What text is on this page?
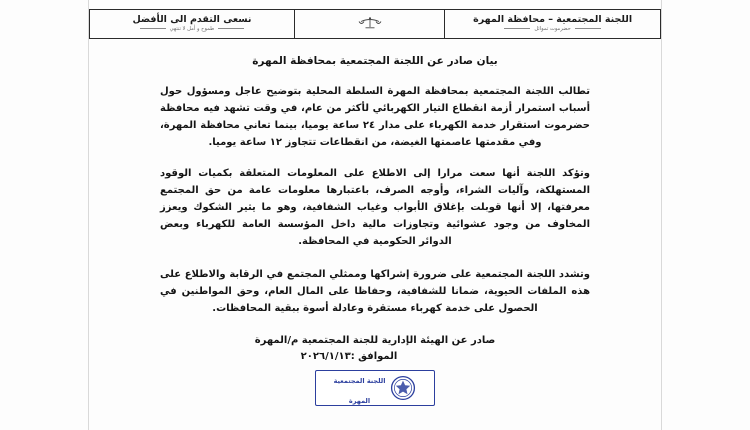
اللجنة المجتمعية – محافظة المهرة
حضرموت تموائل

نسعى التقدم الى الأفضل
طموح و أمل لا تنتهي
بيان صادر عن اللجنة المجتمعية بمحافظة المهرة
تطالب اللجنة المجتمعية بمحافظة المهرة السلطة المحلية بتوضيح عاجل ومسؤول حول أسباب استمرار أزمة انقطاع التيار الكهربائي لأكثر من عام، في وقت تشهد فيه محافظة حضرموت استقرار خدمة الكهرباء على مدار ٢٤ ساعة يوميا، بينما تعاني محافظة المهرة، وفي مقدمتها عاصمتها الغيضة، من انقطاعات تتجاوز ١٢ ساعة يوميا.
وتؤكد اللجنة أنها سعت مرارا إلى الاطلاع على المعلومات المتعلقة بكميات الوقود المستهلكة، وآليات الشراء، وأوجه الصرف، باعتبارها معلومات عامة من حق المجتمع معرفتها، إلا أنها قوبلت بإغلاق الأبواب وغياب الشفافية، وهو ما يثير الشكوك ويعزز المخاوف من وجود عشوائية وتجاوزات مالية داخل المؤسسة العامة للكهرباء وبعض الدوائر الحكومية في المحافظة.
وتشدد اللجنة المجتمعية على ضرورة إشراكها وممثلي المجتمع في الرقابة والاطلاع على هذه الملفات الحيوية، ضمانا للشفافية، وحفاظا على المال العام، وحق المواطنين في الحصول على خدمة كهرباء مستقرة وعادلة أسوة ببقية المحافظات.
صادر عن الهيئة الإدارية للجنة المجتمعية م/المهرة
الموافق :٢٠٢٦/١/١٣
اللجنة المجتمعية
المهرة
